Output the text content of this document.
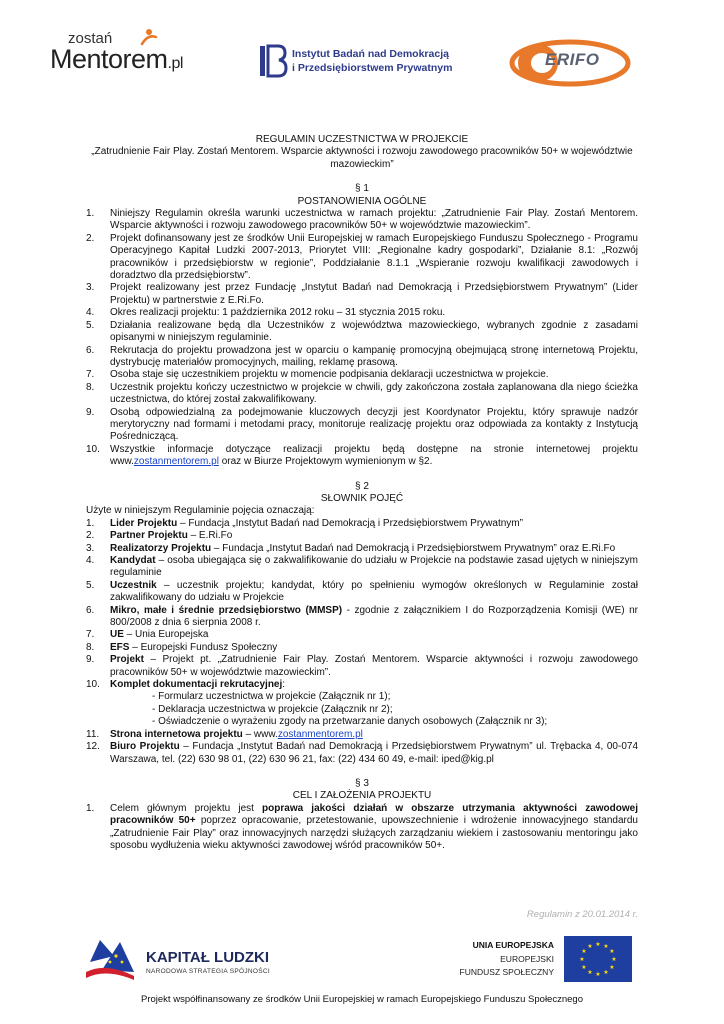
zostań
Mentorem.pl
Instytut Badań nad Demokracją
i Przedsiębiorstwem Prywatnym	ERIFO
REGULAMIN UCZESTNICTWA W PROJEKCIE
„Zatrudnienie Fair Play. Zostań Mentorem. Wsparcie aktywności i rozwoju zawodowego pracowników 50+ w województwie mazowieckim”
§ 1
POSTANOWIENIA OGÓLNE
1. Niniejszy Regulamin określa warunki uczestnictwa w ramach projektu: „Zatrudnienie Fair Play. Zostań Mentorem. Wsparcie aktywności i rozwoju zawodowego pracowników 50+ w województwie mazowieckim”.
2. Projekt dofinansowany jest ze środków Unii Europejskiej w ramach Europejskiego Funduszu Społecznego - Programu Operacyjnego Kapitał Ludzki 2007-2013, Priorytet VIII: „Regionalne kadry gospodarki”, Działanie 8.1: „Rozwój pracowników i przedsiębiorstw w regionie”, Poddziałanie 8.1.1 „Wspieranie rozwoju kwalifikacji zawodowych i doradztwo dla przedsiębiorstw”.
3. Projekt realizowany jest przez Fundację „Instytut Badań nad Demokracją i Przedsiębiorstwem Prywatnym” (Lider Projektu) w partnerstwie z E.Ri.Fo.
4. Okres realizacji projektu: 1 października 2012 roku – 31 stycznia 2015 roku.
5. Działania realizowane będą dla Uczestników z województwa mazowieckiego, wybranych zgodnie z zasadami opisanymi w niniejszym regulaminie.
6. Rekrutacja do projektu prowadzona jest w oparciu o kampanię promocyjną obejmującą stronę internetową Projektu, dystrybucję materiałów promocyjnych, mailing, reklamę prasową.
7. Osoba staje się uczestnikiem projektu w momencie podpisania deklaracji uczestnictwa w projekcie.
8. Uczestnik projektu kończy uczestnictwo w projekcie w chwili, gdy zakończona została zaplanowana dla niego ścieżka uczestnictwa, do której został zakwalifikowany.
9. Osobą odpowiedzialną za podejmowanie kluczowych decyzji jest Koordynator Projektu, który sprawuje nadzór merytoryczny nad formami i metodami pracy, monitoruje realizację projektu oraz odpowiada za kontakty z Instytucją Pośredniczącą.
10. Wszystkie informacje dotyczące realizacji projektu będą dostępne na stronie internetowej projektu www.zostanmentorem.pl oraz w Biurze Projektowym wymienionym w §2.
§ 2
SŁOWNIK POJĘĆ
Użyte w niniejszym Regulaminie pojęcia oznaczają:
1. Lider Projektu – Fundacja „Instytut Badań nad Demokracją i Przedsiębiorstwem Prywatnym”
2. Partner Projektu – E.Ri.Fo
3. Realizatorzy Projektu – Fundacja „Instytut Badań nad Demokracją i Przedsiębiorstwem Prywatnym” oraz E.Ri.Fo
4. Kandydat – osoba ubiegająca się o zakwalifikowanie do udziału w Projekcie na podstawie zasad ujętych w niniejszym regulaminie
5. Uczestnik – uczestnik projektu; kandydat, który po spełnieniu wymogów określonych w Regulaminie został zakwalifikowany do udziału w Projekcie
6. Mikro, małe i średnie przedsiębiorstwo (MMSP) - zgodnie z załącznikiem I do Rozporządzenia Komisji (WE) nr 800/2008 z dnia 6 sierpnia 2008 r.
7. UE – Unia Europejska
8. EFS – Europejski Fundusz Społeczny
9. Projekt – Projekt pt. „Zatrudnienie Fair Play. Zostań Mentorem. Wsparcie aktywności i rozwoju zawodowego pracowników 50+ w województwie mazowieckim”.
10. Komplet dokumentacji rekrutacyjnej:
- Formularz uczestnictwa w projekcie (Załącznik nr 1);
- Deklaracja uczestnictwa w projekcie (Załącznik nr 2);
- Oświadczenie o wyrażeniu zgody na przetwarzanie danych osobowych (Załącznik nr 3);
11. Strona internetowa projektu – www.zostanmentorem.pl
12. Biuro Projektu – Fundacja „Instytut Badań nad Demokracją i Przedsiębiorstwem Prywatnym” ul. Trębacka 4, 00-074 Warszawa, tel. (22) 630 98 01, (22) 630 96 21, fax: (22) 434 60 49, e-mail: iped@kig.pl
§ 3
CEL I ZAŁOŻENIA PROJEKTU
1. Celem głównym projektu jest poprawa jakości działań w obszarze utrzymania aktywności zawodowej pracowników 50+ poprzez opracowanie, przetestowanie, upowszechnienie i wdrożenie innowacyjnego standardu „Zatrudnienie Fair Play” oraz innowacyjnych narzędzi służących zarządzaniu wiekiem i zastosowaniu mentoringu jako sposobu wydłużenia wieku aktywności zawodowej wśród pracowników 50+.
Regulamin z 20.01.2014 r.
KAPITAŁ LUDZKI
NARODOWA STRATEGIA SPÓJNOŚCI
UNIA EUROPEJSKA
EUROPEJSKI
FUNDUSZ SPOŁECZNY
★ ★
★
★
★
★
★
★
★
★
★
★
Projekt współfinansowany ze środków Unii Europejskiej w ramach Europejskiego Funduszu Społecznego
